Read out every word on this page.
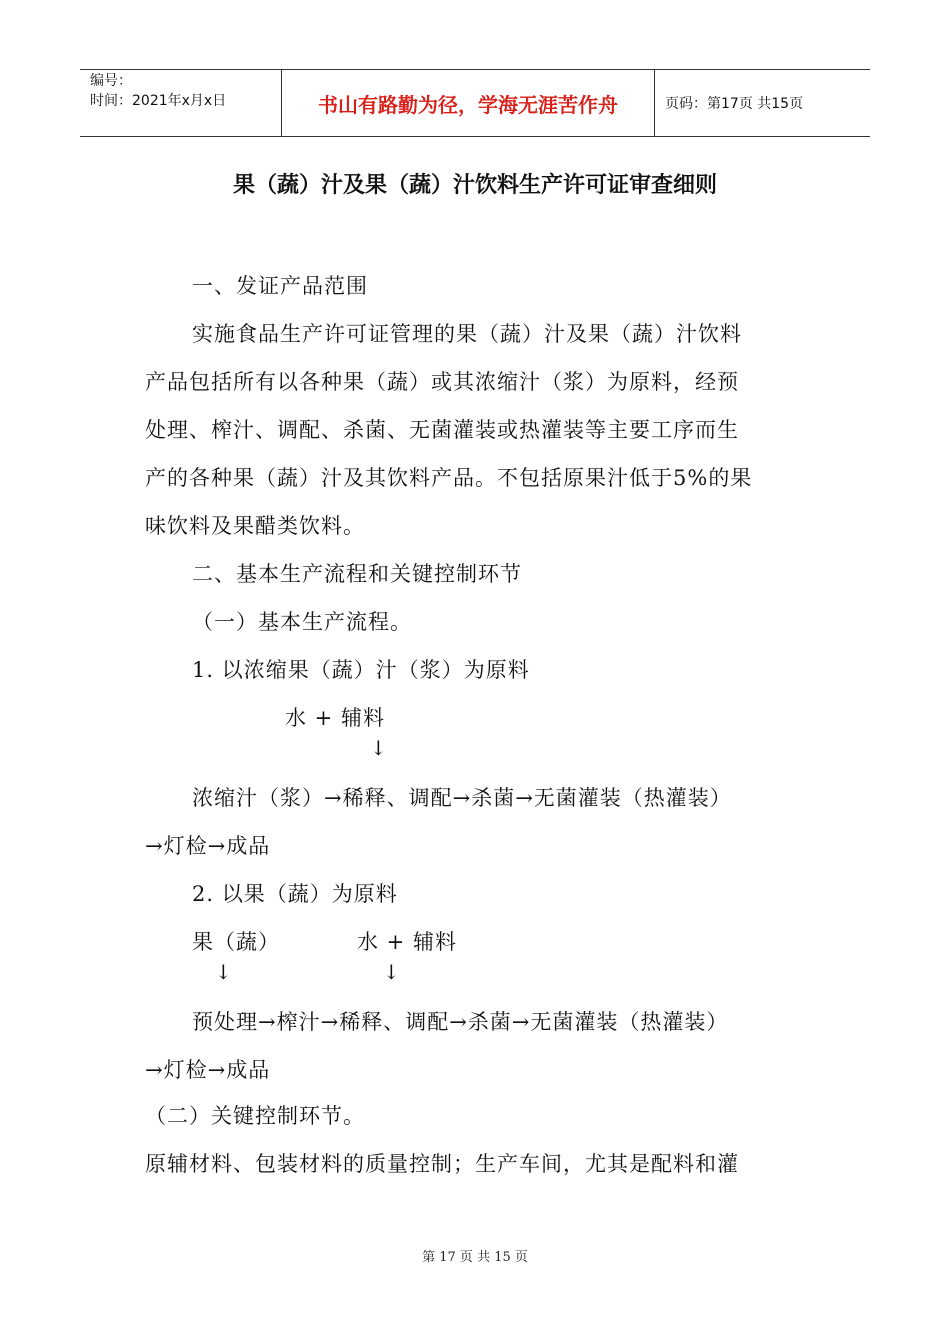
编号：
时间：2021年x月x日	书山有路勤为径，学海无涯苦作舟	页码：第17页 共15页
果（蔬）汁及果（蔬）汁饮料生产许可证审查细则
一、发证产品范围
实施食品生产许可证管理的果（蔬）汁及果（蔬）汁饮料
产品包括所有以各种果（蔬）或其浓缩汁（浆）为原料，经预
处理、榨汁、调配、杀菌、无菌灌装或热灌装等主要工序而生
产的各种果（蔬）汁及其饮料产品。不包括原果汁低于5%的果
味饮料及果醋类饮料。
二、基本生产流程和关键控制环节
（一）基本生产流程。
1. 以浓缩果（蔬）汁（浆）为原料
水 + 辅料
↓
浓缩汁（浆）→稀释、调配→杀菌→无菌灌装（热灌装）
→灯检→成品
2. 以果（蔬）为原料
果（蔬）	水 + 辅料
↓	↓
预处理→榨汁→稀释、调配→杀菌→无菌灌装（热灌装）
→灯检→成品
（二）关键控制环节。
原辅材料、包装材料的质量控制；生产车间，尤其是配料和灌
第 17 页 共 15 页
